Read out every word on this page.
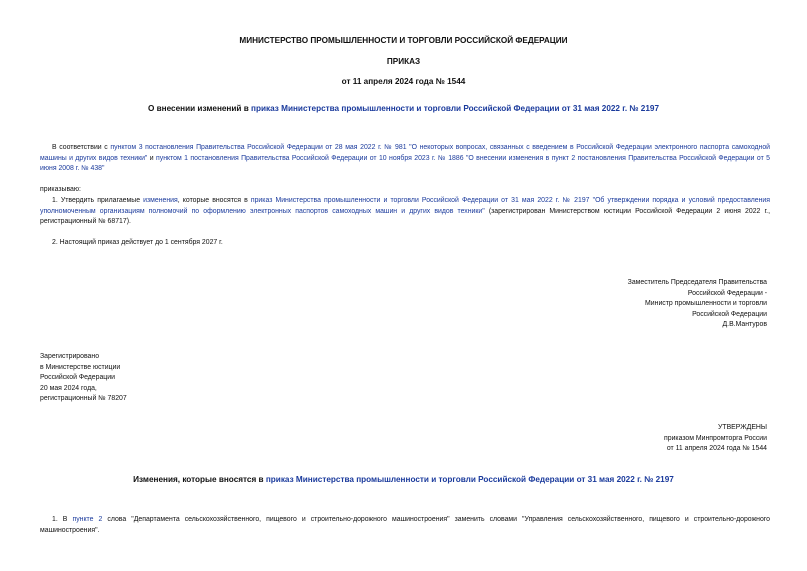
МИНИСТЕРСТВО ПРОМЫШЛЕННОСТИ И ТОРГОВЛИ РОССИЙСКОЙ ФЕДЕРАЦИИ
ПРИКАЗ
от 11 апреля 2024 года № 1544
О внесении изменений в приказ Министерства промышленности и торговли Российской Федерации от 31 мая 2022 г. № 2197
В соответствии с пунктом 3 постановления Правительства Российской Федерации от 28 мая 2022 г. № 981 "О некоторых вопросах, связанных с введением в Российской Федерации электронного паспорта самоходной машины и других видов техники" и пунктом 1 постановления Правительства Российской Федерации от 10 ноября 2023 г. № 1886 "О внесении изменения в пункт 2 постановления Правительства Российской Федерации от 5 июня 2008 г. № 438"
приказываю:
1. Утвердить прилагаемые изменения, которые вносятся в приказ Министерства промышленности и торговли Российской Федерации от 31 мая 2022 г. № 2197 "Об утверждении порядка и условий предоставления уполномоченным организациям полномочий по оформлению электронных паспортов самоходных машин и других видов техники" (зарегистрирован Министерством юстиции Российской Федерации 2 июня 2022 г., регистрационный № 68717).
2. Настоящий приказ действует до 1 сентября 2027 г.
Заместитель Председателя Правительства
Российской Федерации -
Министр промышленности и торговли
Российской Федерации
Д.В.Мантуров
Зарегистрировано
в Министерстве юстиции
Российской Федерации
20 мая 2024 года,
регистрационный № 78207
УТВЕРЖДЕНЫ
приказом Минпромторга России
от 11 апреля 2024 года № 1544
Изменения, которые вносятся в приказ Министерства промышленности и торговли Российской Федерации от 31 мая 2022 г. № 2197
1. В пункте 2 слова "Департамента сельскохозяйственного, пищевого и строительно-дорожного машиностроения" заменить словами "Управления сельскохозяйственного, пищевого и строительно-дорожного машиностроения".
